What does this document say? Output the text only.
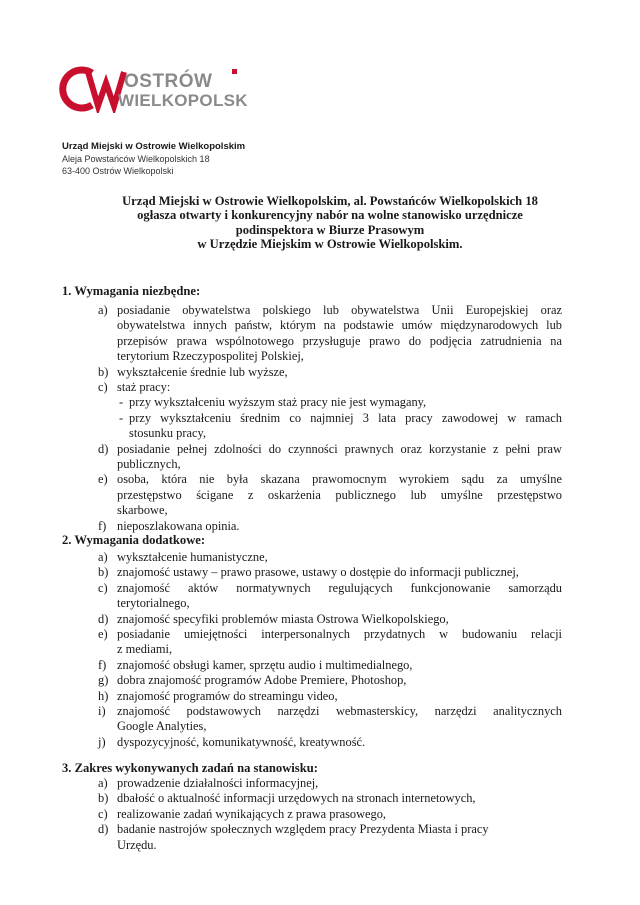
OSTRÓW
WIELKOPOLSKI
Urząd Miejski w Ostrowie Wielkopolskim
Aleja Powstańców Wielkopolskich 18
63-400 Ostrów Wielkopolski
Urząd Miejski w Ostrowie Wielkopolskim, al. Powstańców Wielkopolskich 18
ogłasza otwarty i konkurencyjny nabór na wolne stanowisko urzędnicze
podinspektora w Biurze Prasowym
w Urzędzie Miejskim w Ostrowie Wielkopolskim.
1. Wymagania niezbędne:
a) posiadanie obywatelstwa polskiego lub obywatelstwa Unii Europejskiej oraz
obywatelstwa innych państw, którym na podstawie umów międzynarodowych lub
przepisów prawa wspólnotowego przysługuje prawo do podjęcia zatrudnienia na
terytorium Rzeczypospolitej Polskiej,
b) wykształcenie średnie lub wyższe,
c) staż pracy:
- przy wykształceniu wyższym staż pracy nie jest wymagany,
- przy wykształceniu średnim co najmniej 3 lata pracy zawodowej w ramach
stosunku pracy,
d) posiadanie pełnej zdolności do czynności prawnych oraz korzystanie z pełni praw
publicznych,
e) osoba, która nie była skazana prawomocnym wyrokiem sądu za umyślne
przestępstwo ścigane z oskarżenia publicznego lub umyślne przestępstwo
skarbowe,
f) nieposzlakowana opinia.
2. Wymagania dodatkowe:
a) wykształcenie humanistyczne,
b) znajomość ustawy – prawo prasowe, ustawy o dostępie do informacji publicznej,
c) znajomość aktów normatywnych regulujących funkcjonowanie samorządu
terytorialnego,
d) znajomość specyfiki problemów miasta Ostrowa Wielkopolskiego,
e) posiadanie umiejętności interpersonalnych przydatnych w budowaniu relacji
z mediami,
f) znajomość obsługi kamer, sprzętu audio i multimedialnego,
g) dobra znajomość programów Adobe Premiere, Photoshop,
h) znajomość programów do streamingu video,
i) znajomość podstawowych narzędzi webmasterskicy, narzędzi analitycznych
Google Analyties,
j) dyspozycyjność, komunikatywność, kreatywność.
3. Zakres wykonywanych zadań na stanowisku:
a) prowadzenie działalności informacyjnej,
b) dbałość o aktualność informacji urzędowych na stronach internetowych,
c) realizowanie zadań wynikających z prawa prasowego,
d) badanie nastrojów społecznych względem pracy Prezydenta Miasta i pracy
Urzędu.
